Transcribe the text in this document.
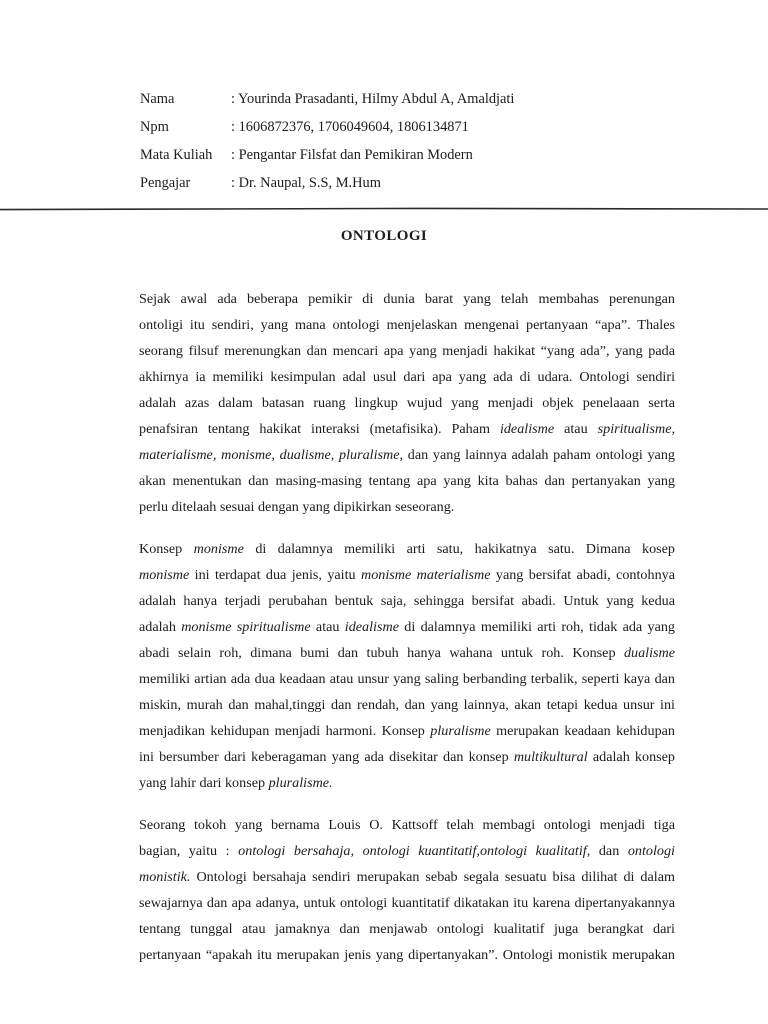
Nama	: Yourinda Prasadanti, Hilmy Abdul A, Amaldjati
Npm	: 1606872376, 1706049604, 1806134871
Mata Kuliah	: Pengantar Filsfat dan Pemikiran Modern
Pengajar	: Dr. Naupal, S.S, M.Hum
ONTOLOGI
Sejak awal ada beberapa pemikir di dunia barat yang telah membahas perenungan
ontoligi itu sendiri, yang mana ontologi menjelaskan mengenai pertanyaan “apa”. Thales
seorang filsuf merenungkan dan mencari apa yang menjadi hakikat “yang ada”, yang pada
akhirnya ia memiliki kesimpulan adal usul dari apa yang ada di udara. Ontologi sendiri
adalah azas dalam batasan ruang lingkup wujud yang menjadi objek penelaaan serta
penafsiran tentang hakikat interaksi (metafisika). Paham idealisme atau spiritualisme,
materialisme, monisme, dualisme, pluralisme, dan yang lainnya adalah paham ontologi yang
akan menentukan dan masing-masing tentang apa yang kita bahas dan pertanyakan yang
perlu ditelaah sesuai dengan yang dipikirkan seseorang.
Konsep monisme di dalamnya memiliki arti satu, hakikatnya satu. Dimana kosep
monisme ini terdapat dua jenis, yaitu monisme materialisme yang bersifat abadi, contohnya
adalah hanya terjadi perubahan bentuk saja, sehingga bersifat abadi. Untuk yang kedua
adalah monisme spiritualisme atau idealisme di dalamnya memiliki arti roh, tidak ada yang
abadi selain roh, dimana bumi dan tubuh hanya wahana untuk roh. Konsep dualisme
memiliki artian ada dua keadaan atau unsur yang saling berbanding terbalik, seperti kaya dan
miskin, murah dan mahal,tinggi dan rendah, dan yang lainnya, akan tetapi kedua unsur ini
menjadikan kehidupan menjadi harmoni. Konsep pluralisme merupakan keadaan kehidupan
ini bersumber dari keberagaman yang ada disekitar dan konsep multikultural adalah konsep
yang lahir dari konsep pluralisme.
Seorang tokoh yang bernama Louis O. Kattsoff telah membagi ontologi menjadi tiga
bagian, yaitu : ontologi bersahaja, ontologi kuantitatif,ontologi kualitatif, dan ontologi
monistik. Ontologi bersahaja sendiri merupakan sebab segala sesuatu bisa dilihat di dalam
sewajarnya dan apa adanya, untuk ontologi kuantitatif dikatakan itu karena dipertanyakannya
tentang tunggal atau jamaknya dan menjawab ontologi kualitatif juga berangkat dari
pertanyaan “apakah itu merupakan jenis yang dipertanyakan”. Ontologi monistik merupakan
